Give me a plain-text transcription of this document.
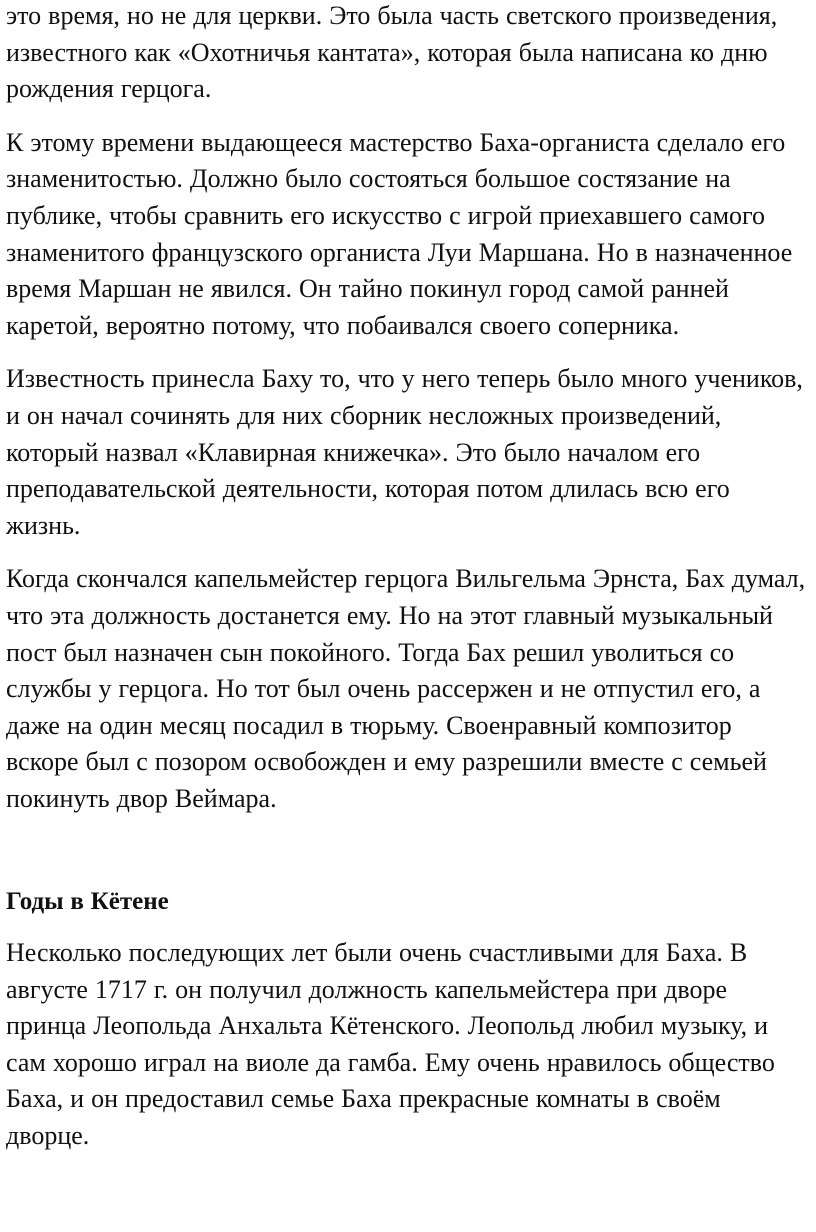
это время, но не для церкви. Это была часть светского произведения, известного как «Охотничья кантата», которая была написана ко дню рождения герцога.

К этому времени выдающееся мастерство Баха-органиста сделало его знаменитостью. Должно было состояться большое состязание на публике, чтобы сравнить его искусство с игрой приехавшего самого знаменитого французского органиста Луи Маршана. Но в назначенное время Маршан не явился. Он тайно покинул город самой ранней каретой, вероятно потому, что побаивался своего соперника.

Известность принесла Баху то, что у него теперь было много учеников, и он начал сочинять для них сборник несложных произведений, который назвал «Клавирная книжечка». Это было началом его преподавательской деятельности, которая потом длилась всю его жизнь.

Когда скончался капельмейстер герцога Вильгельма Эрнста, Бах думал, что эта должность достанется ему. Но на этот главный музыкальный пост был назначен сын покойного. Тогда Бах решил уволиться со службы у герцога. Но тот был очень рассержен и не отпустил его, а даже на один месяц посадил в тюрьму. Своенравный композитор вскоре был с позором освобожден и ему разрешили вместе с семьей покинуть двор Веймара.

Годы в Кётене

Несколько последующих лет были очень счастливыми для Баха. В августе 1717 г. он получил должность капельмейстера при дворе принца Леопольда Анхальта Кётенского. Леопольд любил музыку, и сам хорошо играл на виоле да гамба. Ему очень нравилось общество Баха, и он предоставил семье Баха прекрасные комнаты в своём дворце.
